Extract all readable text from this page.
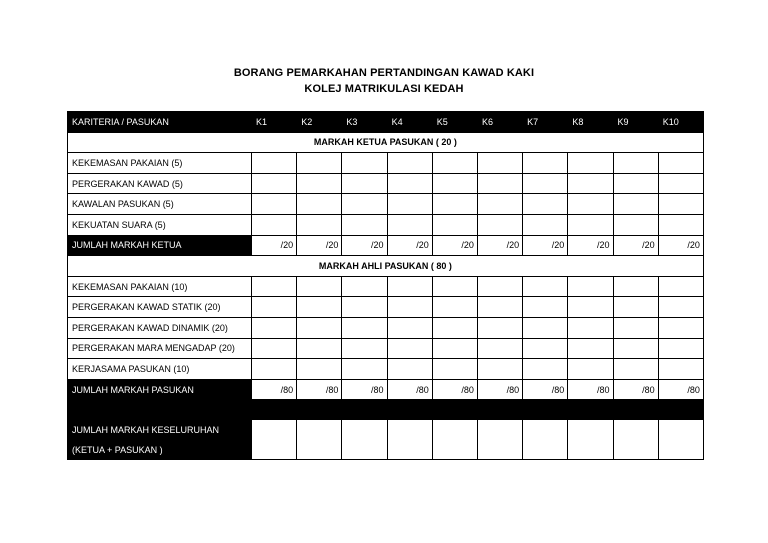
BORANG PEMARKAHAN PERTANDINGAN KAWAD KAKI
KOLEJ MATRIKULASI KEDAH
KARITERIA / PASUKAN	K1	K2	K3	K4	K5	K6	K7	K8	K9	K10
MARKAH KETUA PASUKAN ( 20 )										
KEKEMASAN PAKAIAN (5)										
PERGERAKAN KAWAD (5)										
KAWALAN PASUKAN (5)										
KEKUATAN SUARA (5)										
JUMLAH MARKAH KETUA	/20	/20	/20	/20	/20	/20	/20	/20	/20	/20
MARKAH AHLI PASUKAN ( 80 )										
KEKEMASAN PAKAIAN (10)										
PERGERAKAN KAWAD STATIK (20)										
PERGERAKAN KAWAD DINAMIK (20)										
PERGERAKAN MARA MENGADAP (20)										
KERJASAMA PASUKAN (10)										
JUMLAH MARKAH PASUKAN	/80	/80	/80	/80	/80	/80	/80	/80	/80	/80

JUMLAH MARKAH KESELURUHAN										
(KETUA + PASUKAN )										
